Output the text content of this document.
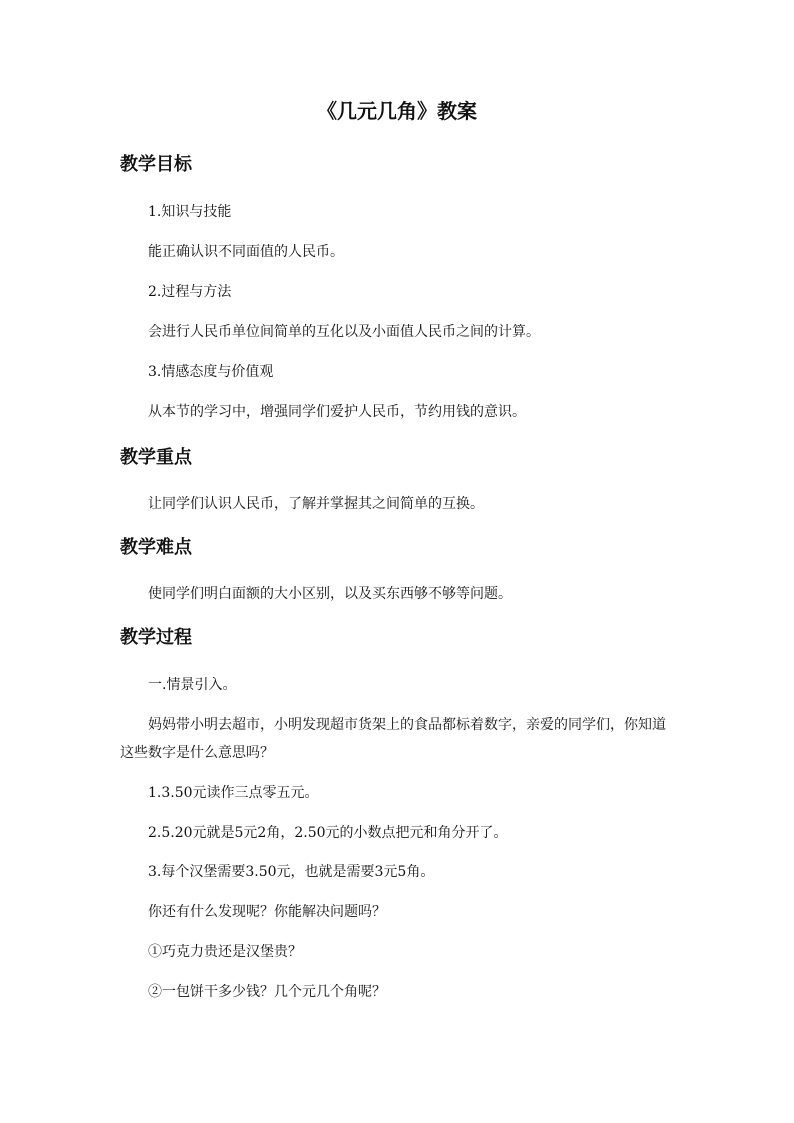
《几元几角》教案
教学目标
1.知识与技能
能正确认识不同面值的人民币。
2.过程与方法
会进行人民币单位间简单的互化以及小面值人民币之间的计算。
3.情感态度与价值观
从本节的学习中，增强同学们爱护人民币，节约用钱的意识。
教学重点
让同学们认识人民币，了解并掌握其之间简单的互换。
教学难点
使同学们明白面额的大小区别，以及买东西够不够等问题。
教学过程
一.情景引入。
妈妈带小明去超市，小明发现超市货架上的食品都标着数字，亲爱的同学们，你知道
这些数字是什么意思吗？
1.3.50元读作三点零五元。
2.5.20元就是5元2角，2.50元的小数点把元和角分开了。
3.每个汉堡需要3.50元，也就是需要3元5角。
你还有什么发现呢？你能解决问题吗？
①巧克力贵还是汉堡贵？
②一包饼干多少钱？几个元几个角呢？
